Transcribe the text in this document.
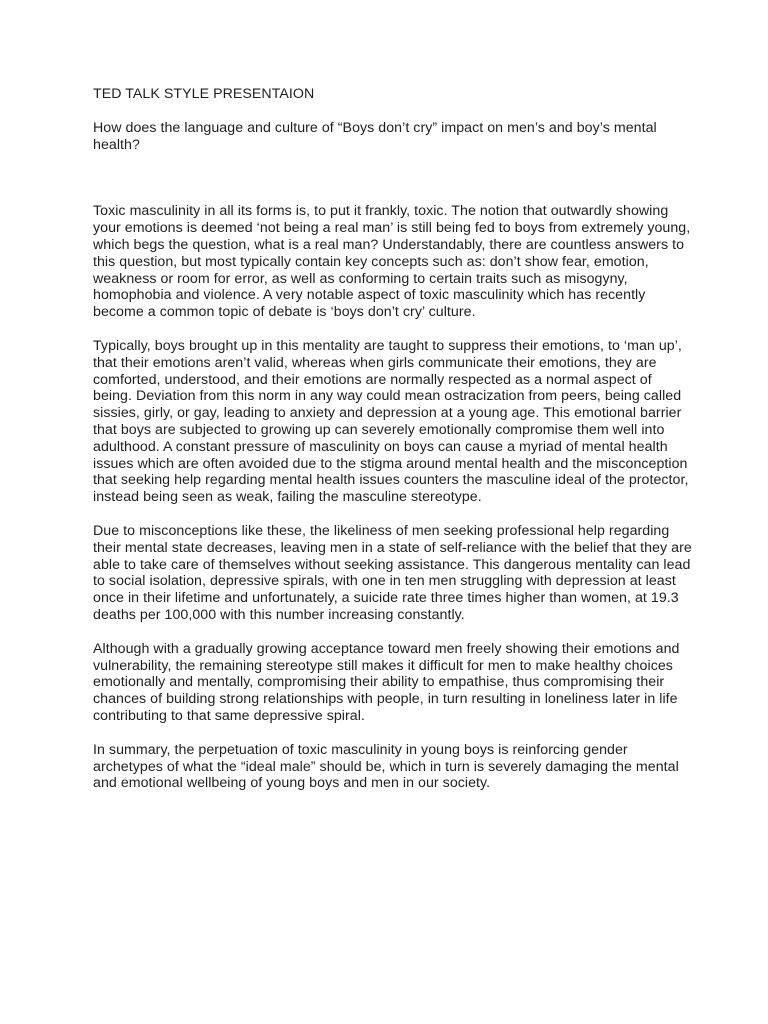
TED TALK STYLE PRESENTAION

How does the language and culture of “Boys don’t cry” impact on men’s and boy’s mental health?

Toxic masculinity in all its forms is, to put it frankly, toxic. The notion that outwardly showing your emotions is deemed ‘not being a real man’ is still being fed to boys from extremely young, which begs the question, what is a real man? Understandably, there are countless answers to this question, but most typically contain key concepts such as: don’t show fear, emotion, weakness or room for error, as well as conforming to certain traits such as misogyny, homophobia and violence. A very notable aspect of toxic masculinity which has recently become a common topic of debate is ‘boys don’t cry’ culture.

Typically, boys brought up in this mentality are taught to suppress their emotions, to ‘man up’, that their emotions aren’t valid, whereas when girls communicate their emotions, they are comforted, understood, and their emotions are normally respected as a normal aspect of being. Deviation from this norm in any way could mean ostracization from peers, being called sissies, girly, or gay, leading to anxiety and depression at a young age. This emotional barrier that boys are subjected to growing up can severely emotionally compromise them well into adulthood. A constant pressure of masculinity on boys can cause a myriad of mental health issues which are often avoided due to the stigma around mental health and the misconception that seeking help regarding mental health issues counters the masculine ideal of the protector, instead being seen as weak, failing the masculine stereotype.

Due to misconceptions like these, the likeliness of men seeking professional help regarding their mental state decreases, leaving men in a state of self-reliance with the belief that they are able to take care of themselves without seeking assistance. This dangerous mentality can lead to social isolation, depressive spirals, with one in ten men struggling with depression at least once in their lifetime and unfortunately, a suicide rate three times higher than women, at 19.3 deaths per 100,000 with this number increasing constantly.

Although with a gradually growing acceptance toward men freely showing their emotions and vulnerability, the remaining stereotype still makes it difficult for men to make healthy choices emotionally and mentally, compromising their ability to empathise, thus compromising their chances of building strong relationships with people, in turn resulting in loneliness later in life contributing to that same depressive spiral.

In summary, the perpetuation of toxic masculinity in young boys is reinforcing gender archetypes of what the “ideal male” should be, which in turn is severely damaging the mental and emotional wellbeing of young boys and men in our society.
